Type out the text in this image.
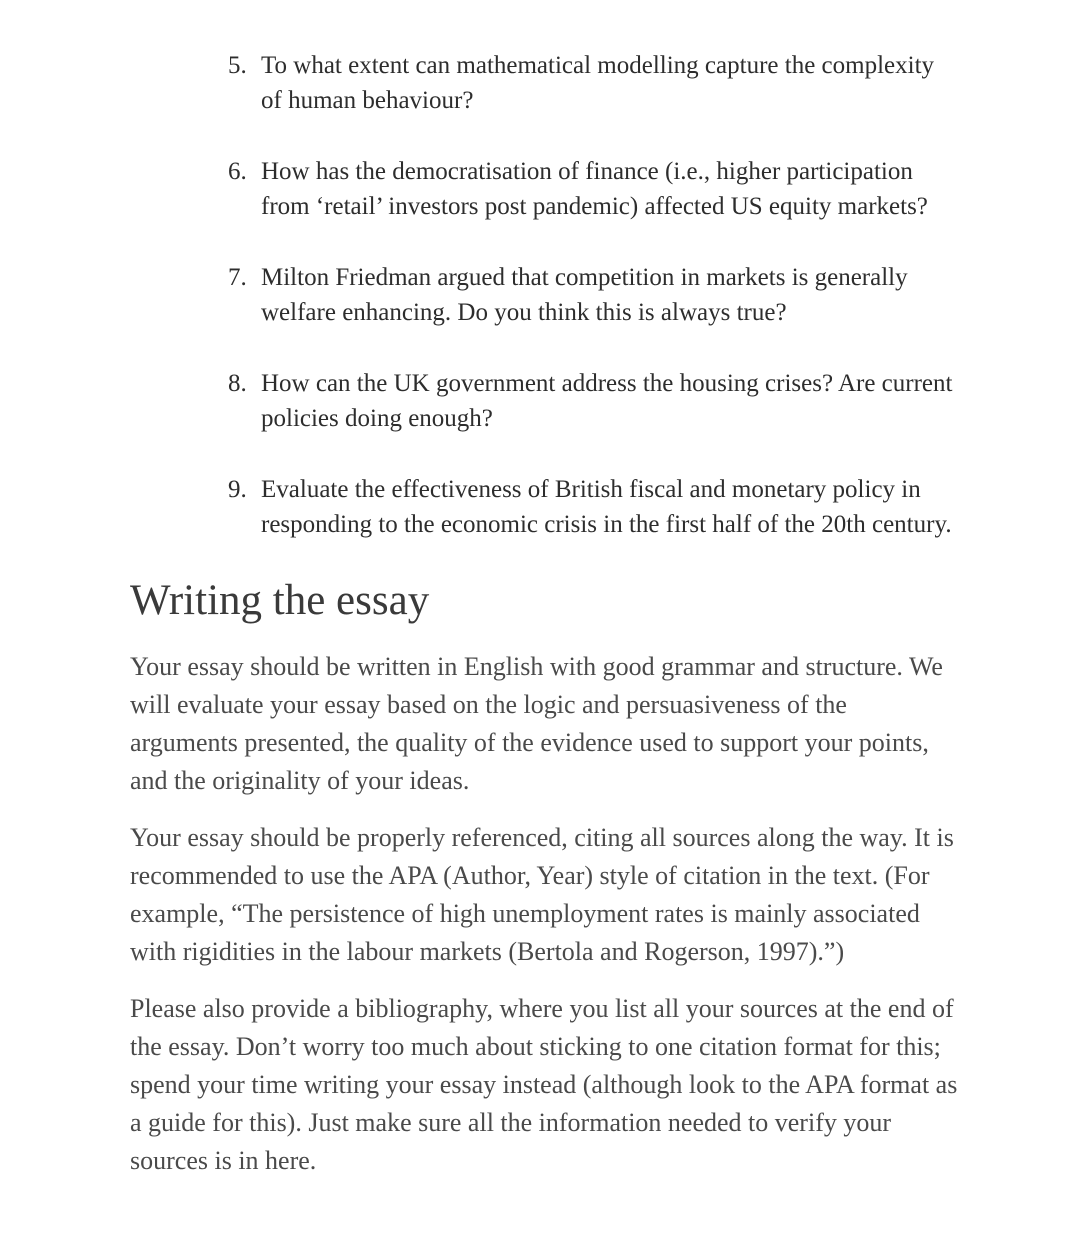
5. To what extent can mathematical modelling capture the complexity of human behaviour?
6. How has the democratisation of finance (i.e., higher participation from ‘retail’ investors post pandemic) affected US equity markets?
7. Milton Friedman argued that competition in markets is generally welfare enhancing. Do you think this is always true?
8. How can the UK government address the housing crises? Are current policies doing enough?
9. Evaluate the effectiveness of British fiscal and monetary policy in responding to the economic crisis in the first half of the 20th century.
Writing the essay

Your essay should be written in English with good grammar and structure. We will evaluate your essay based on the logic and persuasiveness of the arguments presented, the quality of the evidence used to support your points, and the originality of your ideas.

Your essay should be properly referenced, citing all sources along the way. It is recommended to use the APA (Author, Year) style of citation in the text. (For example, “The persistence of high unemployment rates is mainly associated with rigidities in the labour markets (Bertola and Rogerson, 1997).”)

Please also provide a bibliography, where you list all your sources at the end of the essay. Don’t worry too much about sticking to one citation format for this; spend your time writing your essay instead (although look to the APA format as a guide for this). Just make sure all the information needed to verify your sources is in here.
